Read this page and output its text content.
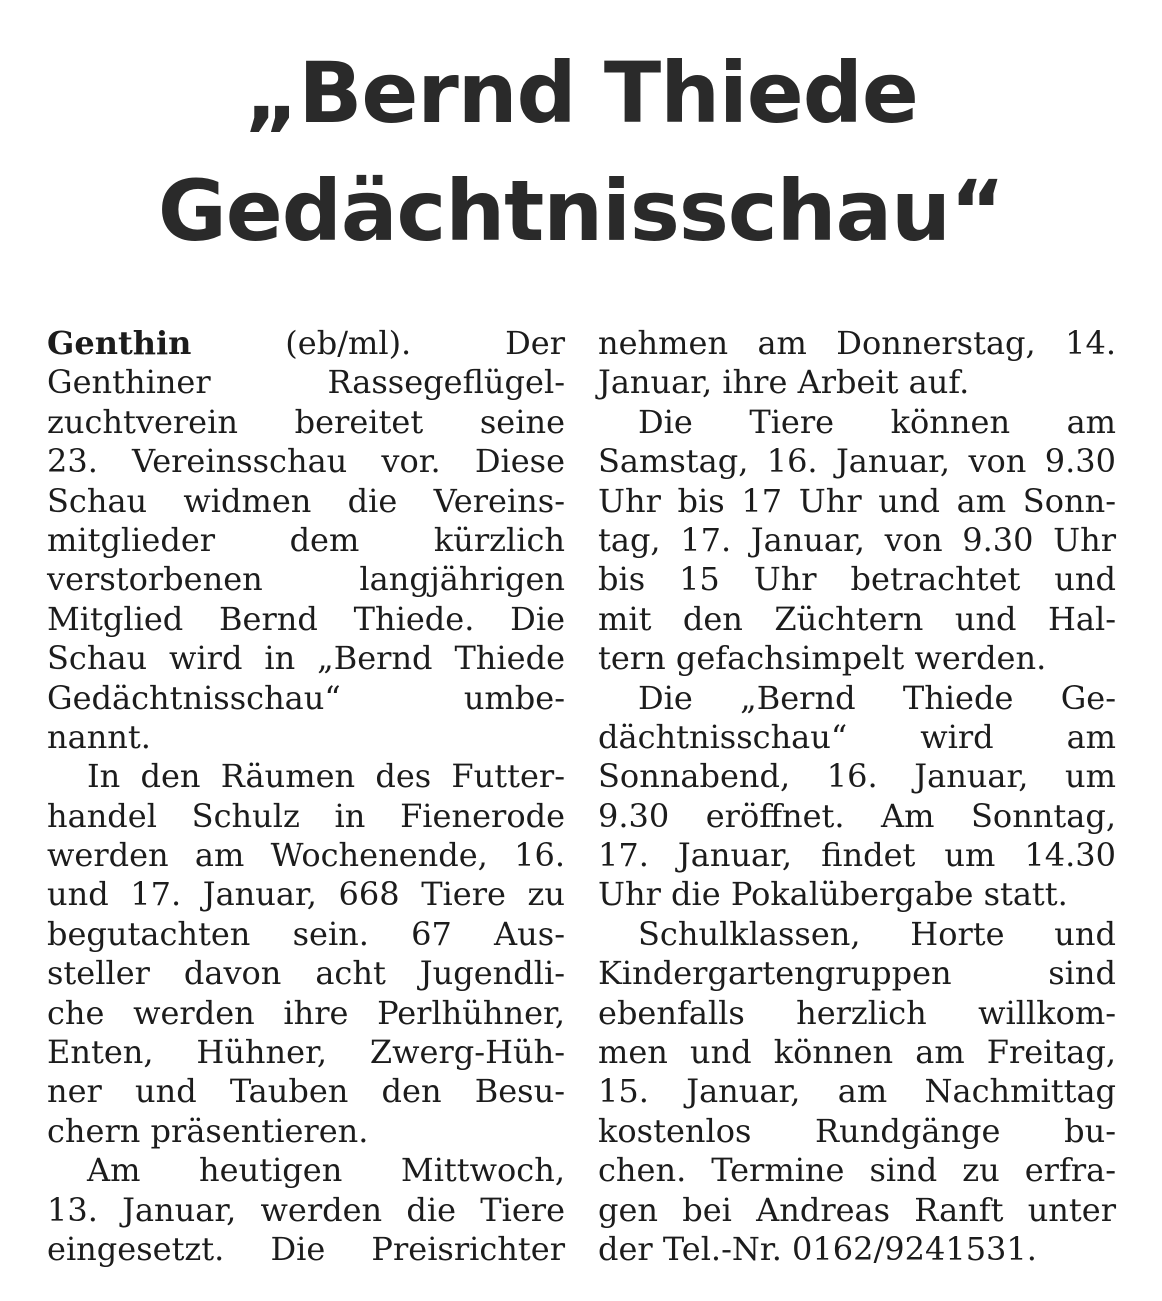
„Bernd Thiede
Gedächtnisschau“
Genthin (eb/ml). Der
Genthiner Rassegeflügel-
zuchtverein bereitet seine
23. Vereinsschau vor. Diese
Schau widmen die Vereins-
mitglieder dem kürzlich
verstorbenen langjährigen
Mitglied Bernd Thiede. Die
Schau wird in „Bernd Thiede
Gedächtnisschau“ umbe-
nannt.
In den Räumen des Futter-
handel Schulz in Fienerode
werden am Wochenende, 16.
und 17. Januar, 668 Tiere zu
begutachten sein. 67 Aus-
steller davon acht Jugendli-
che werden ihre Perlhühner,
Enten, Hühner, Zwerg-Hüh-
ner und Tauben den Besu-
chern präsentieren.
Am heutigen Mittwoch,
13. Januar, werden die Tiere
eingesetzt. Die Preisrichter
nehmen am Donnerstag, 14.
Januar, ihre Arbeit auf.
Die Tiere können am
Samstag, 16. Januar, von 9.30
Uhr bis 17 Uhr und am Sonn-
tag, 17. Januar, von 9.30 Uhr
bis 15 Uhr betrachtet und
mit den Züchtern und Hal-
tern gefachsimpelt werden.
Die „Bernd Thiede Ge-
dächtnisschau“ wird am
Sonnabend, 16. Januar, um
9.30 eröffnet. Am Sonntag,
17. Januar, findet um 14.30
Uhr die Pokalübergabe statt.
Schulklassen, Horte und
Kindergartengruppen sind
ebenfalls herzlich willkom-
men und können am Freitag,
15. Januar, am Nachmittag
kostenlos Rundgänge bu-
chen. Termine sind zu erfra-
gen bei Andreas Ranft unter
der Tel.-Nr. 0162/9241531.
